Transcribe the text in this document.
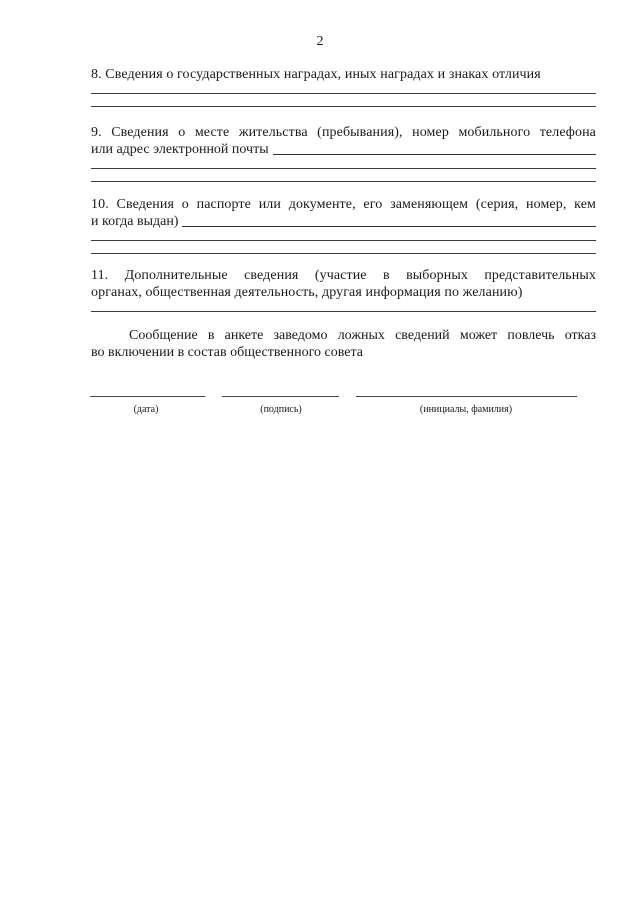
2
8. Сведения о государственных наградах, иных наградах и знаках отличия
9. Сведения о месте жительства (пребывания), номер мобильного телефона
или адрес электронной почты
10. Сведения о паспорте или документе, его заменяющем (серия, номер, кем
и когда выдан)
11. Дополнительные сведения (участие в выборных представительных
органах, общественная деятельность, другая информация по желанию)
Сообщение в анкете заведомо ложных сведений может повлечь отказ
во включении в состав общественного совета
(дата)	(подпись)	(инициалы, фамилия)
